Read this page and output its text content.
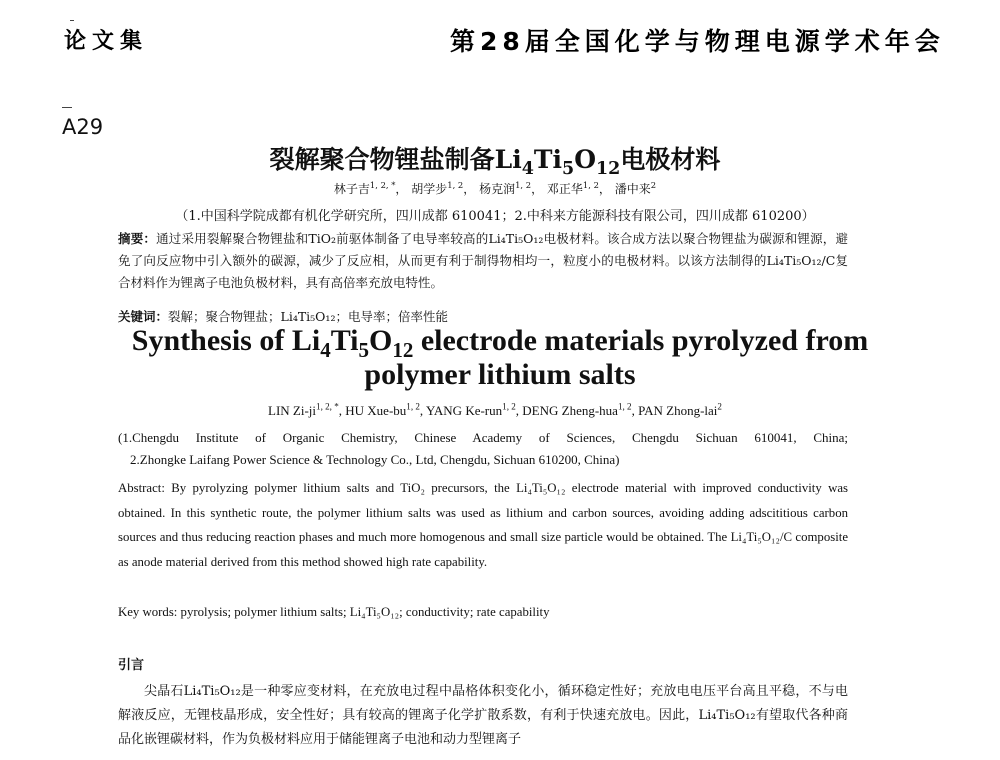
论文集	第28届全国化学与物理电源学术年会
A29
裂解聚合物锂盐制备$Li_4Ti_5O_{12}$电极材料
林子吉$^{1, 2, *}$， 胡学步$^{1, 2}$， 杨克润$^{1, 2}$， 邓正华$^{1, 2}$， 潘中来$^2$
（1.中国科学院成都有机化学研究所，四川成都 610041；2.中科来方能源科技有限公司，四川成都 610200）
摘要：通过采用裂解聚合物锂盐和TiO₂前驱体制备了电导率较高的Li₄Ti₅O₁₂电极材料。该合成方法以聚合物锂盐为碳源和锂源，避免了向反应物中引入额外的碳源，减少了反应相，从而更有利于制得物相均一，粒度小的电极材料。以该方法制得的Li₄Ti₅O₁₂/C复合材料作为锂离子电池负极材料，具有高倍率充放电特性。
关键词：裂解；聚合物锂盐；Li₄Ti₅O₁₂；电导率；倍率性能
Synthesis of $Li_4Ti_5O_{12}$ electrode materials pyrolyzed from polymer lithium salts
LIN $Zi-ji^{1, 2, *}$, HU Xue-bu$^{1, 2}$, YANG Ke-run$^{1, 2}$, DENG Zheng-hua$^{1, 2}$, PAN Zhong-lai$^2$
(1.Chengdu Institute of Organic Chemistry, Chinese Academy of Sciences, Chengdu Sichuan 610041, China;
2.Zhongke Laifang Power Science & Technology Co., Ltd, Chengdu, Sichuan 610200, China)
Abstract: By pyrolyzing polymer lithium salts and TiO₂ precursors, the Li₄Ti₅O₁₂ electrode material with improved conductivity was obtained. In this synthetic route, the polymer lithium salts was used as lithium and carbon sources, avoiding adding adscititious carbon sources and thus reducing reaction phases and much more homogenous and small size particle would be obtained. The Li₄Ti₅O₁₂/C composite as anode material derived from this method showed high rate capability.
Key words: pyrolysis; polymer lithium salts; Li₄Ti₅O₁₂; conductivity; rate capability
引言
尖晶石Li₄Ti₅O₁₂是一种零应变材料，在充放电过程中晶格体积变化小，循环稳定性好；充放电电压平台高且平稳，不与电解液反应，无锂枝晶形成，安全性好；具有较高的锂离子化学扩散系数，有利于快速充放电。因此，Li₄Ti₅O₁₂有望取代各种商品化嵌锂碳材料，作为负极材料应用于储能锂离子电池和动力型锂离子
